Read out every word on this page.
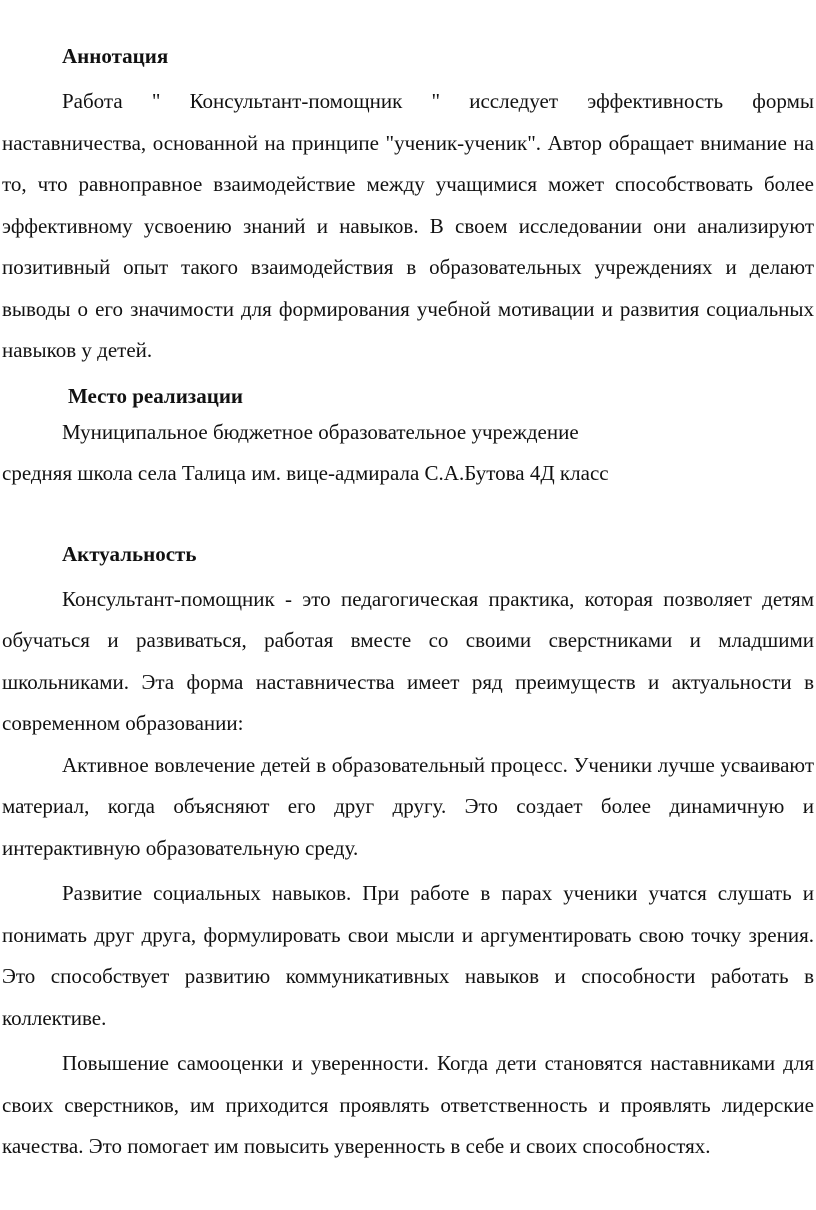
Аннотация

Работа " Консультант-помощник " исследует эффективность формы наставничества, основанной на принципе "ученик-ученик". Автор обращает внимание на то, что равноправное взаимодействие между учащимися может способствовать более эффективному усвоению знаний и навыков. В своем исследовании они анализируют позитивный опыт такого взаимодействия в образовательных учреждениях и делают выводы о его значимости для формирования учебной мотивации и развития социальных навыков у детей.

Место реализации
Муниципальное бюджетное образовательное учреждение
средняя школа села Талица им. вице-адмирала С.А.Бутова 4Д класс
Актуальность

Консультант-помощник - это педагогическая практика, которая позволяет детям обучаться и развиваться, работая вместе со своими сверстниками и младшими школьниками. Эта форма наставничества имеет ряд преимуществ и актуальности в современном образовании:

Активное вовлечение детей в образовательный процесс. Ученики лучше усваивают материал, когда объясняют его друг другу. Это создает более динамичную и интерактивную образовательную среду.

Развитие социальных навыков. При работе в парах ученики учатся слушать и понимать друг друга, формулировать свои мысли и аргументировать свою точку зрения. Это способствует развитию коммуникативных навыков и способности работать в коллективе.

Повышение самооценки и уверенности. Когда дети становятся наставниками для своих сверстников, им приходится проявлять ответственность и проявлять лидерские качества. Это помогает им повысить уверенность в себе и своих способностях.
